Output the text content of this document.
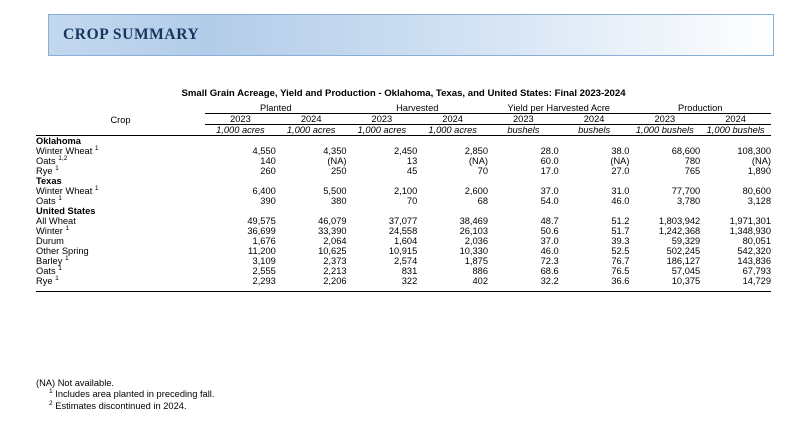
CROP SUMMARY
Small Grain Acreage, Yield and Production - Oklahoma, Texas, and United States: Final 2023-2024
Crop	Planted		Harvested		Yield per Harvested Acre		Production	
	2023	2024	2023	2024	2023	2024	2023	2024
	1,000 acres	1,000 acres	1,000 acres	1,000 acres	bushels	bushels	1,000 bushels	1,000 bushels
Oklahoma								
Winter Wheat $^1$	4,550	4,350	2,450	2,850	28.0	38.0	68,600	108,300
Oats $^{1,2}$	140	(NA)	13	(NA)	60.0	(NA)	780	(NA)
Rye $^1$	260	250	45	70	17.0	27.0	765	1,890
Texas								
Winter Wheat $^1$	6,400	5,500	2,100	2,600	37.0	31.0	77,700	80,600
Oats $^1$	390	380	70	68	54.0	46.0	3,780	3,128
United States								
All Wheat	49,575	46,079	37,077	38,469	48.7	51.2	1,803,942	1,971,301
Winter $^1$	36,699	33,390	24,558	26,103	50.6	51.7	1,242,368	1,348,930
Durum	1,676	2,064	1,604	2,036	37.0	39.3	59,329	80,051
Other Spring	11,200	10,625	10,915	10,330	46.0	52.5	502,245	542,320
Barley $^1$	3,109	2,373	2,574	1,875	72.3	76.7	186,127	143,836
Oats $^1$	2,555	2,213	831	886	68.6	76.5	57,045	67,793
Rye $^1$	2,293	2,206	322	402	32.2	36.6	10,375	14,729

(NA) Not available.
$^1$ Includes area planted in preceding fall.
$^2$ Estimates discontinued in 2024.
